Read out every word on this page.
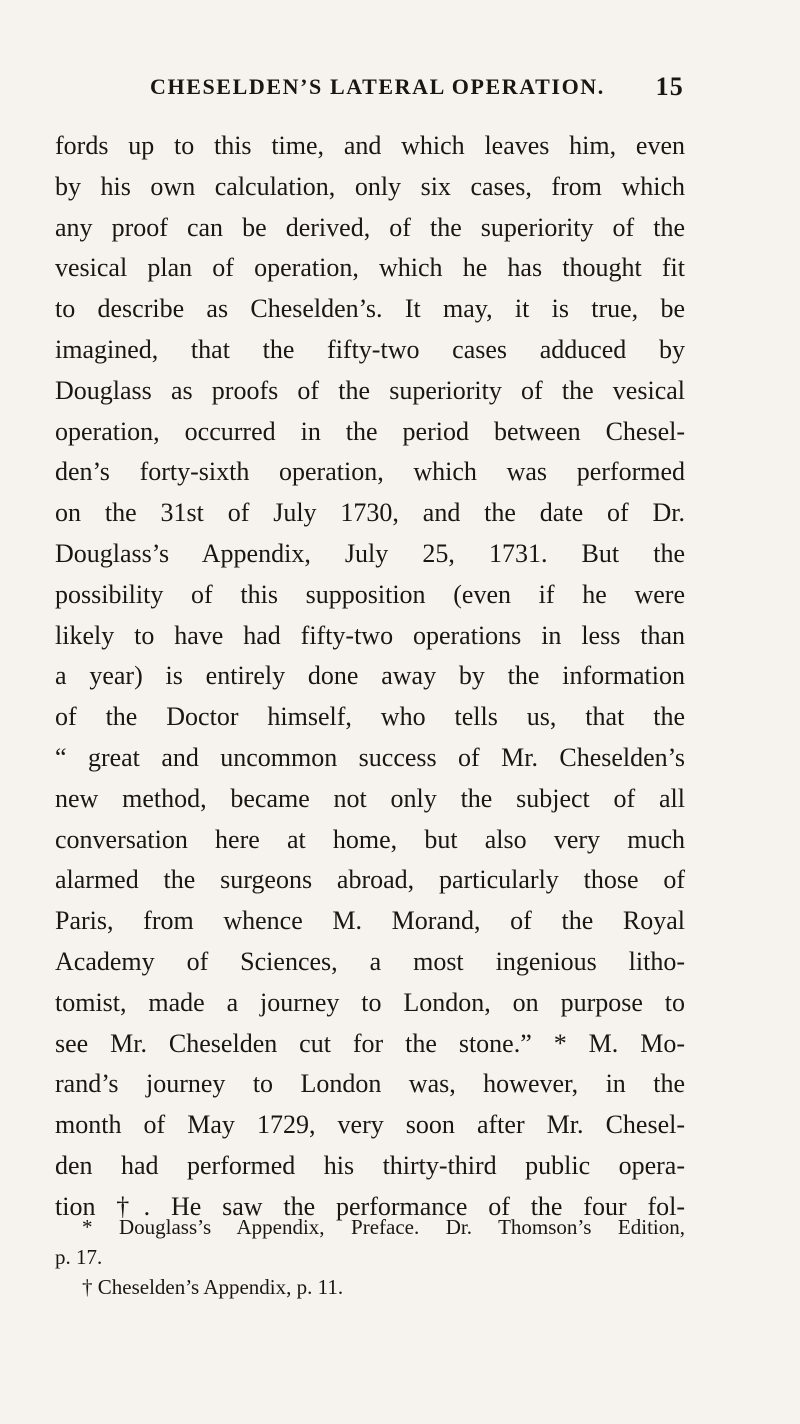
CHESELDEN’S LATERAL OPERATION. 15
fords up to this time, and which leaves him, even
by his own calculation, only six cases, from which
any proof can be derived, of the superiority of the
vesical plan of operation, which he has thought fit
to describe as Cheselden’s. It may, it is true, be
imagined, that the fifty-two cases adduced by
Douglass as proofs of the superiority of the vesical
operation, occurred in the period between Chesel-
den’s forty-sixth operation, which was performed
on the 31st of July 1730, and the date of Dr.
Douglass’s Appendix, July 25, 1731. But the
possibility of this supposition (even if he were
likely to have had fifty-two operations in less than
a year) is entirely done away by the information
of the Doctor himself, who tells us, that the
“ great and uncommon success of Mr. Cheselden’s
new method, became not only the subject of all
conversation here at home, but also very much
alarmed the surgeons abroad, particularly those of
Paris, from whence M. Morand, of the Royal
Academy of Sciences, a most ingenious litho-
tomist, made a journey to London, on purpose to
see Mr. Cheselden cut for the stone.” * M. Mo-
rand’s journey to London was, however, in the
month of May 1729, very soon after Mr. Chesel-
den had performed his thirty-third public opera-
tion †. He saw the performance of the four fol-
* Douglass’s Appendix, Preface. Dr. Thomson’s Edition,
p. 17.
† Cheselden’s Appendix, p. 11.
